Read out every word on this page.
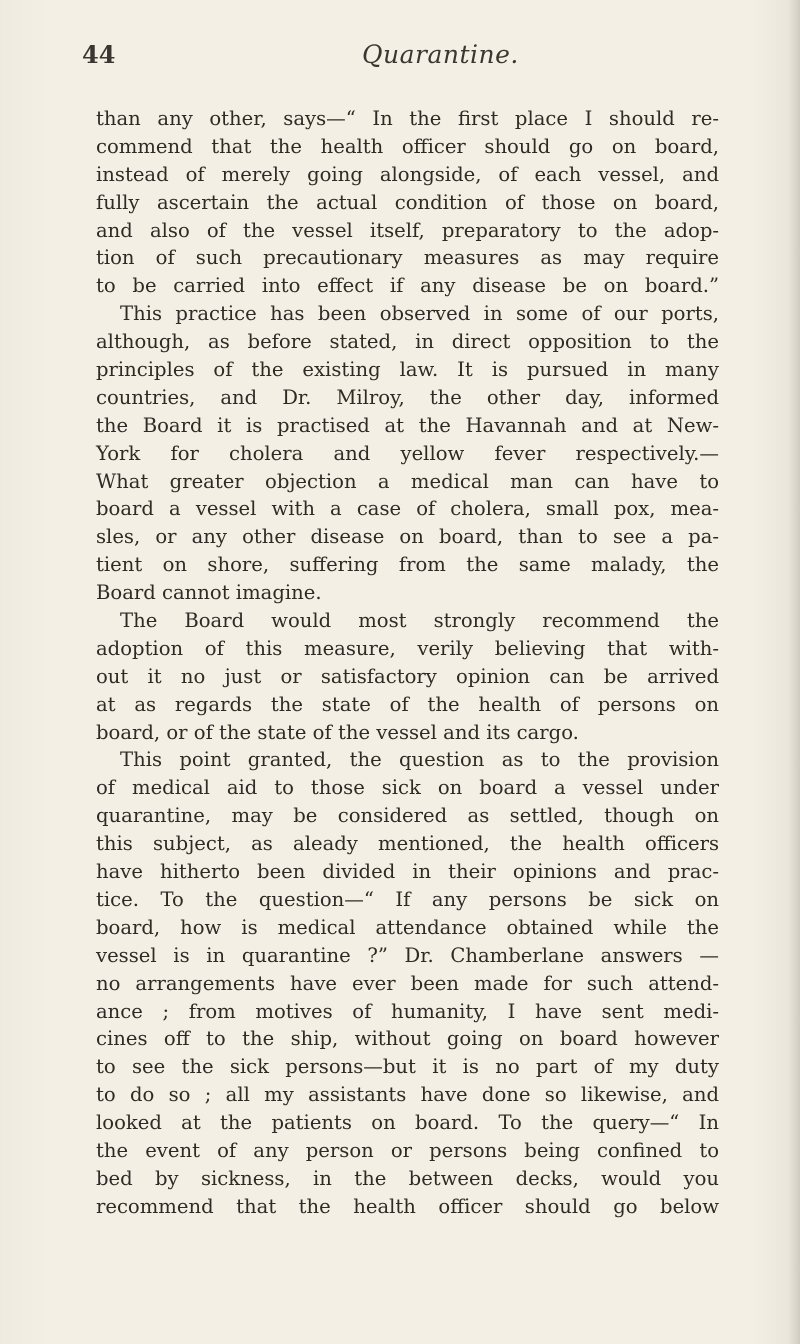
44	Quarantine.
than any other, says—“ In the first place I should re-
commend that the health officer should go on board,
instead of merely going alongside, of each vessel, and
fully ascertain the actual condition of those on board,
and also of the vessel itself, preparatory to the adop-
tion of such precautionary measures as may require
to be carried into effect if any disease be on board.”
This practice has been observed in some of our ports,
although, as before stated, in direct opposition to the
principles of the existing law. It is pursued in many
countries, and Dr. Milroy, the other day, informed
the Board it is practised at the Havannah and at New-
York for cholera and yellow fever respectively.—
What greater objection a medical man can have to
board a vessel with a case of cholera, small pox, mea-
sles, or any other disease on board, than to see a pa-
tient on shore, suffering from the same malady, the
Board cannot imagine.
The Board would most strongly recommend the
adoption of this measure, verily believing that with-
out it no just or satisfactory opinion can be arrived
at as regards the state of the health of persons on
board, or of the state of the vessel and its cargo.
This point granted, the question as to the provision
of medical aid to those sick on board a vessel under
quarantine, may be considered as settled, though on
this subject, as aleady mentioned, the health officers
have hitherto been divided in their opinions and prac-
tice. To the question—“ If any persons be sick on
board, how is medical attendance obtained while the
vessel is in quarantine ?” Dr. Chamberlane answers —
no arrangements have ever been made for such attend-
ance ; from motives of humanity, I have sent medi-
cines off to the ship, without going on board however
to see the sick persons—but it is no part of my duty
to do so ; all my assistants have done so likewise, and
looked at the patients on board. To the query—“ In
the event of any person or persons being confined to
bed by sickness, in the between decks, would you
recommend that the health officer should go below
